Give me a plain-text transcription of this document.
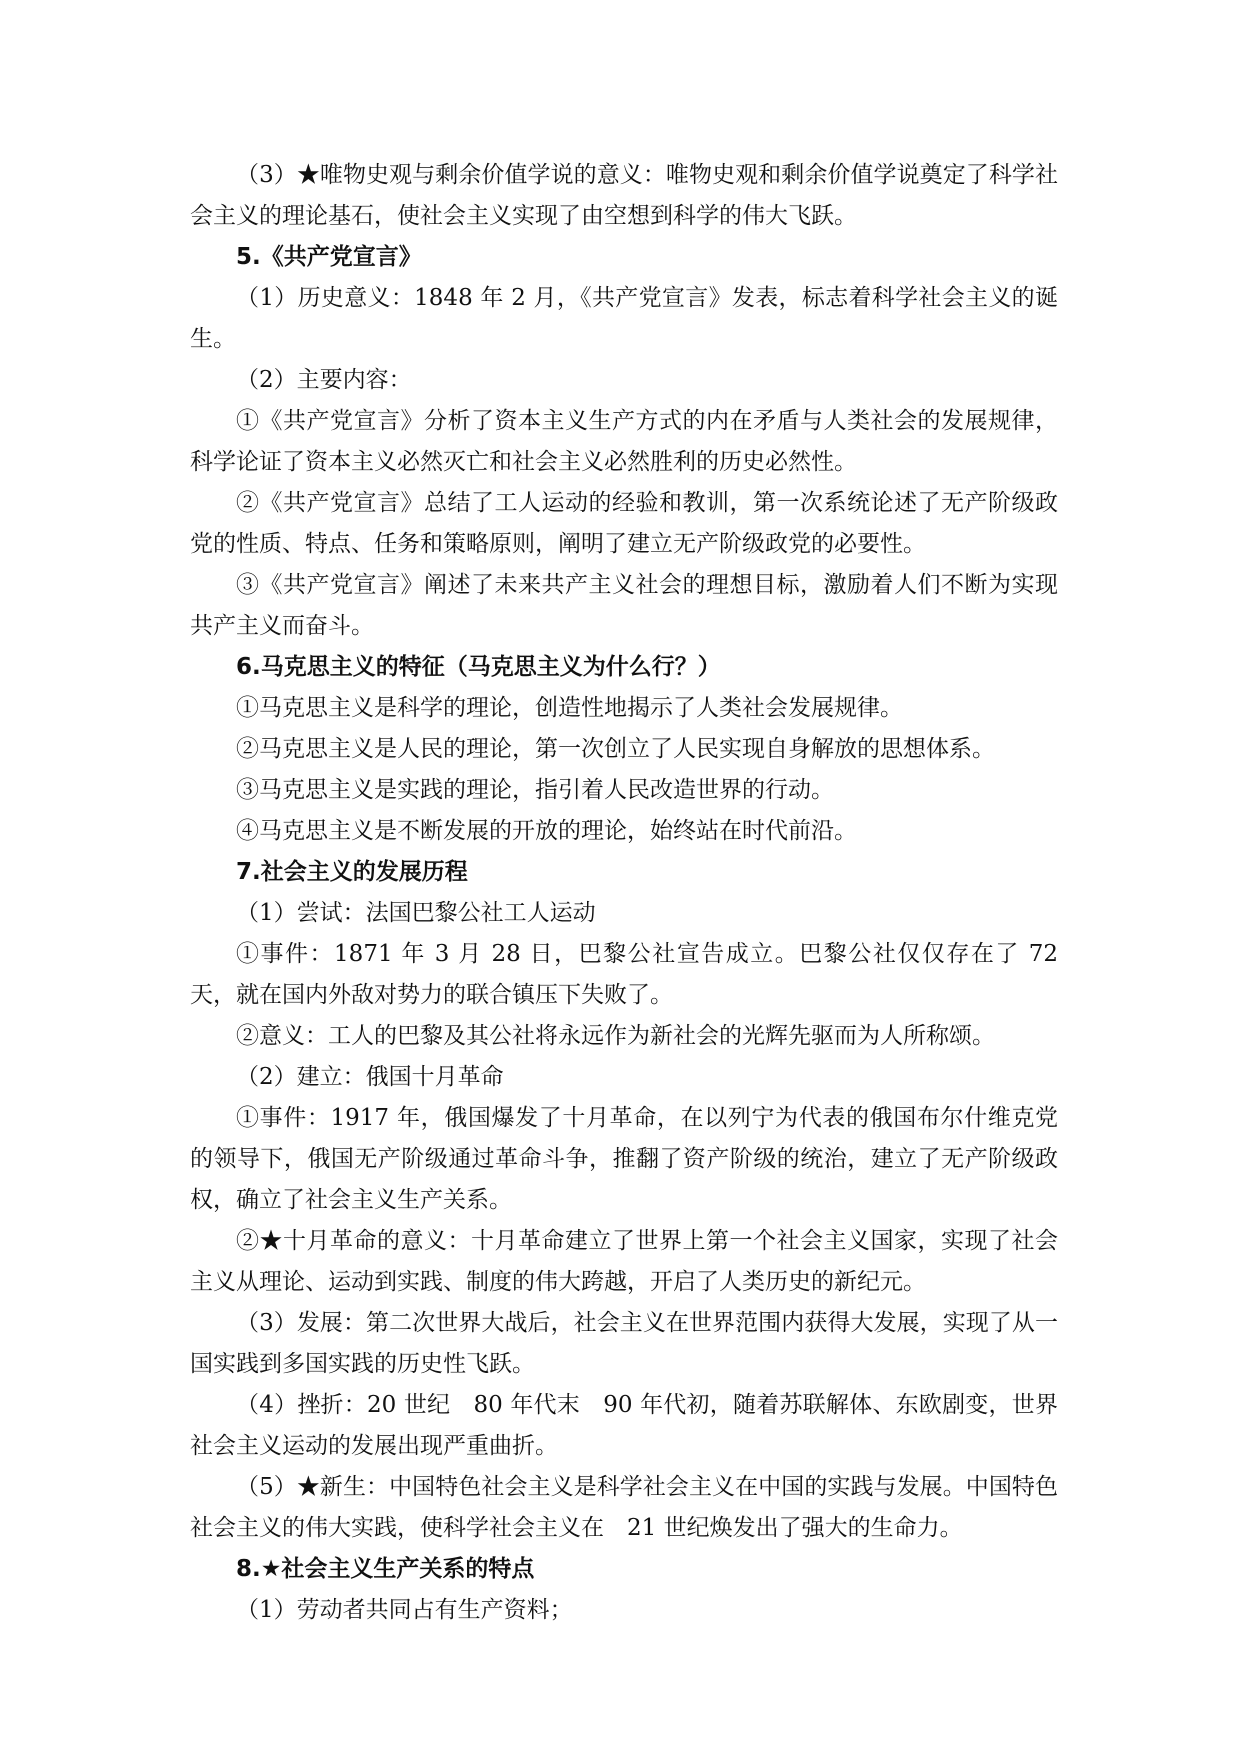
（3）★唯物史观与剩余价值学说的意义：唯物史观和剩余价值学说奠定了科学社会主义的理论基石，使社会主义实现了由空想到科学的伟大飞跃。

5.《共产党宣言》

（1）历史意义：1848 年 2 月，《共产党宣言》发表，标志着科学社会主义的诞生。

（2）主要内容：

①《共产党宣言》分析了资本主义生产方式的内在矛盾与人类社会的发展规律，科学论证了资本主义必然灭亡和社会主义必然胜利的历史必然性。

②《共产党宣言》总结了工人运动的经验和教训，第一次系统论述了无产阶级政党的性质、特点、任务和策略原则，阐明了建立无产阶级政党的必要性。

③《共产党宣言》阐述了未来共产主义社会的理想目标，激励着人们不断为实现共产主义而奋斗。

6.马克思主义的特征（马克思主义为什么行？）

①马克思主义是科学的理论，创造性地揭示了人类社会发展规律。

②马克思主义是人民的理论，第一次创立了人民实现自身解放的思想体系。

③马克思主义是实践的理论，指引着人民改造世界的行动。

④马克思主义是不断发展的开放的理论，始终站在时代前沿。

7.社会主义的发展历程

（1）尝试：法国巴黎公社工人运动

①事件：1871 年 3 月 28 日，巴黎公社宣告成立。巴黎公社仅仅存在了 72 天，就在国内外敌对势力的联合镇压下失败了。

②意义：工人的巴黎及其公社将永远作为新社会的光辉先驱而为人所称颂。

（2）建立：俄国十月革命

①事件：1917 年，俄国爆发了十月革命，在以列宁为代表的俄国布尔什维克党的领导下，俄国无产阶级通过革命斗争，推翻了资产阶级的统治，建立了无产阶级政权，确立了社会主义生产关系。

②★十月革命的意义：十月革命建立了世界上第一个社会主义国家，实现了社会主义从理论、运动到实践、制度的伟大跨越，开启了人类历史的新纪元。

（3）发展：第二次世界大战后，社会主义在世界范围内获得大发展，实现了从一国实践到多国实践的历史性飞跃。

（4）挫折：20 世纪　80 年代末　90 年代初，随着苏联解体、东欧剧变，世界社会主义运动的发展出现严重曲折。

（5）★新生：中国特色社会主义是科学社会主义在中国的实践与发展。中国特色社会主义的伟大实践，使科学社会主义在　21 世纪焕发出了强大的生命力。

8.★社会主义生产关系的特点

（1）劳动者共同占有生产资料；
